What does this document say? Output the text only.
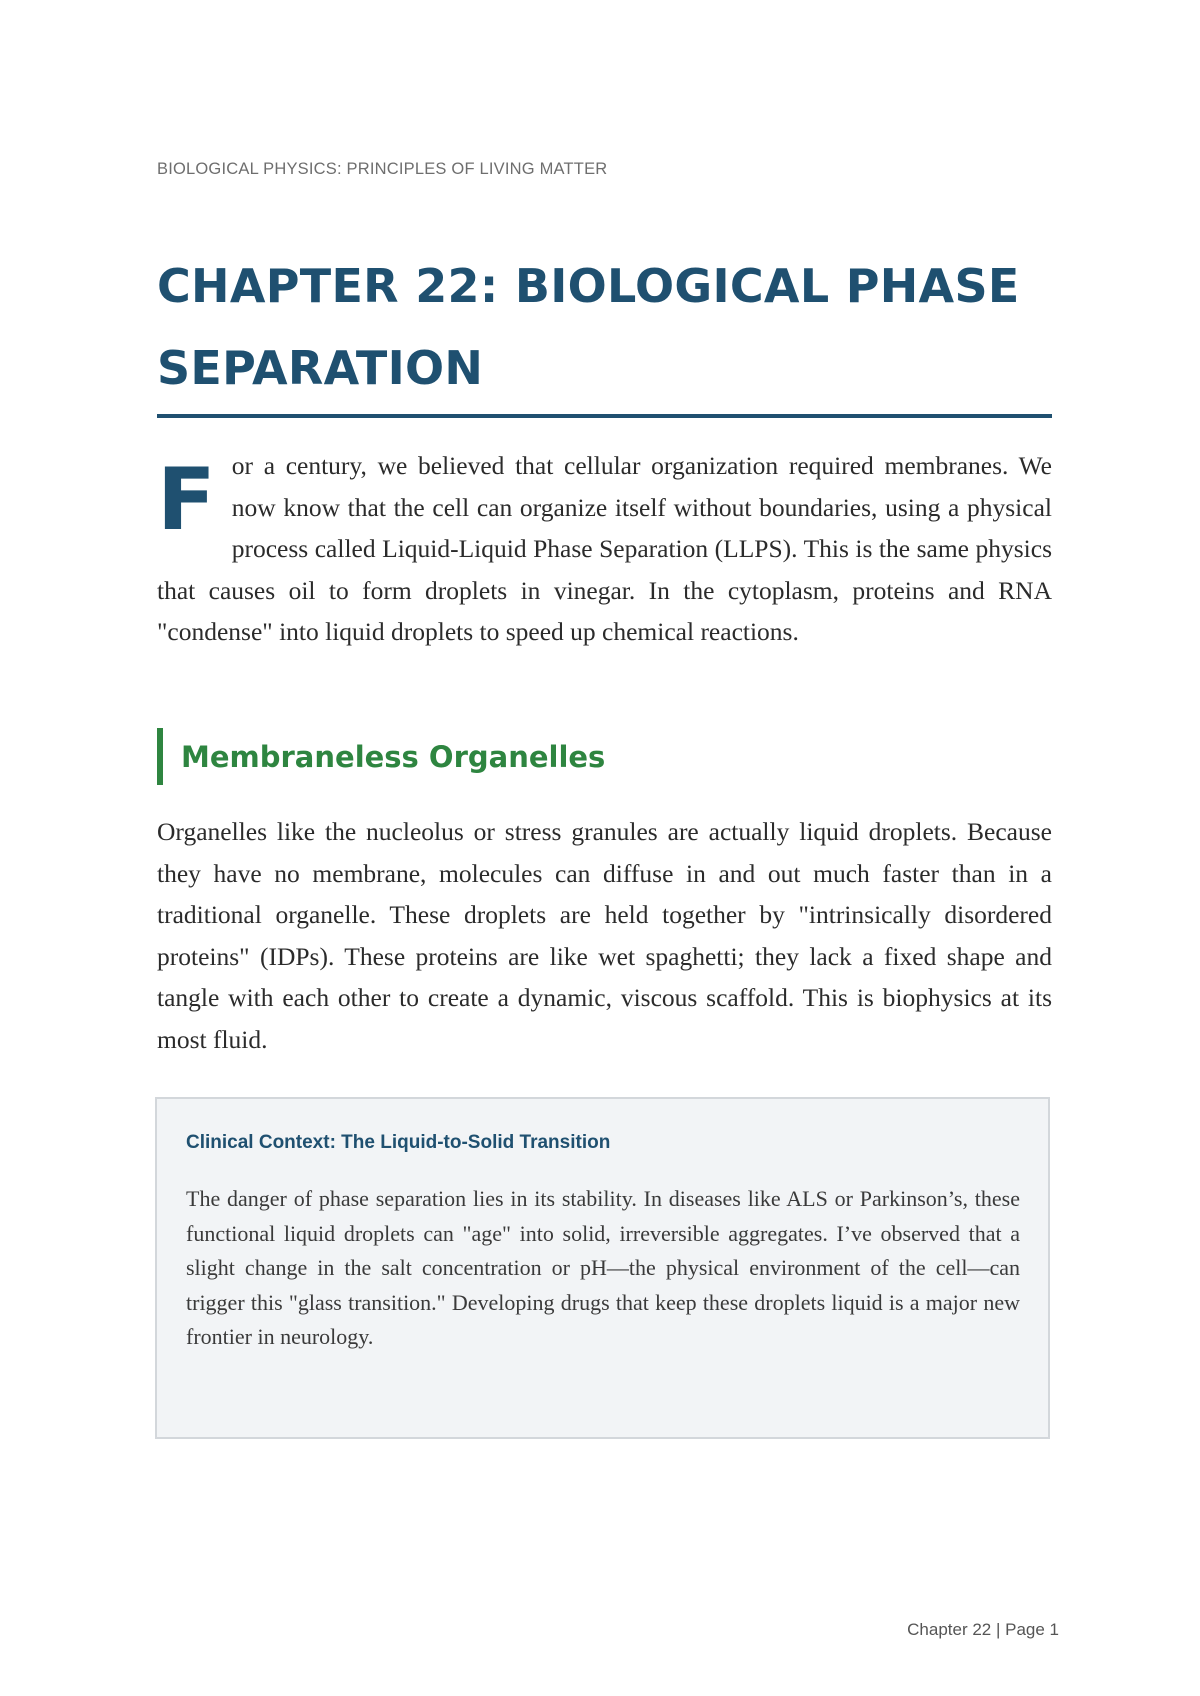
BIOLOGICAL PHYSICS: PRINCIPLES OF LIVING MATTER
CHAPTER 22: BIOLOGICAL PHASE SEPARATION
F or a century, we believed that cellular organization required membranes. We now know that the cell can organize itself without boundaries, using a physical process called Liquid-Liquid Phase Separation (LLPS). This is the same physics that causes oil to form droplets in vinegar. In the cytoplasm, proteins and RNA "condense" into liquid droplets to speed up chemical reactions.

Membraneless Organelles

Organelles like the nucleolus or stress granules are actually liquid droplets. Because they have no membrane, molecules can diffuse in and out much faster than in a traditional organelle. These droplets are held together by "intrinsically disordered proteins" (IDPs). These proteins are like wet spaghetti; they lack a fixed shape and tangle with each other to create a dynamic, viscous scaffold. This is biophysics at its most fluid.

Clinical Context: The Liquid-to-Solid Transition

The danger of phase separation lies in its stability. In diseases like ALS or Parkinson’s, these functional liquid droplets can "age" into solid, irreversible aggregates. I’ve observed that a slight change in the salt concentration or pH—the physical environment of the cell—can trigger this "glass transition." Developing drugs that keep these droplets liquid is a major new frontier in neurology.

Chapter 22 | Page 1
